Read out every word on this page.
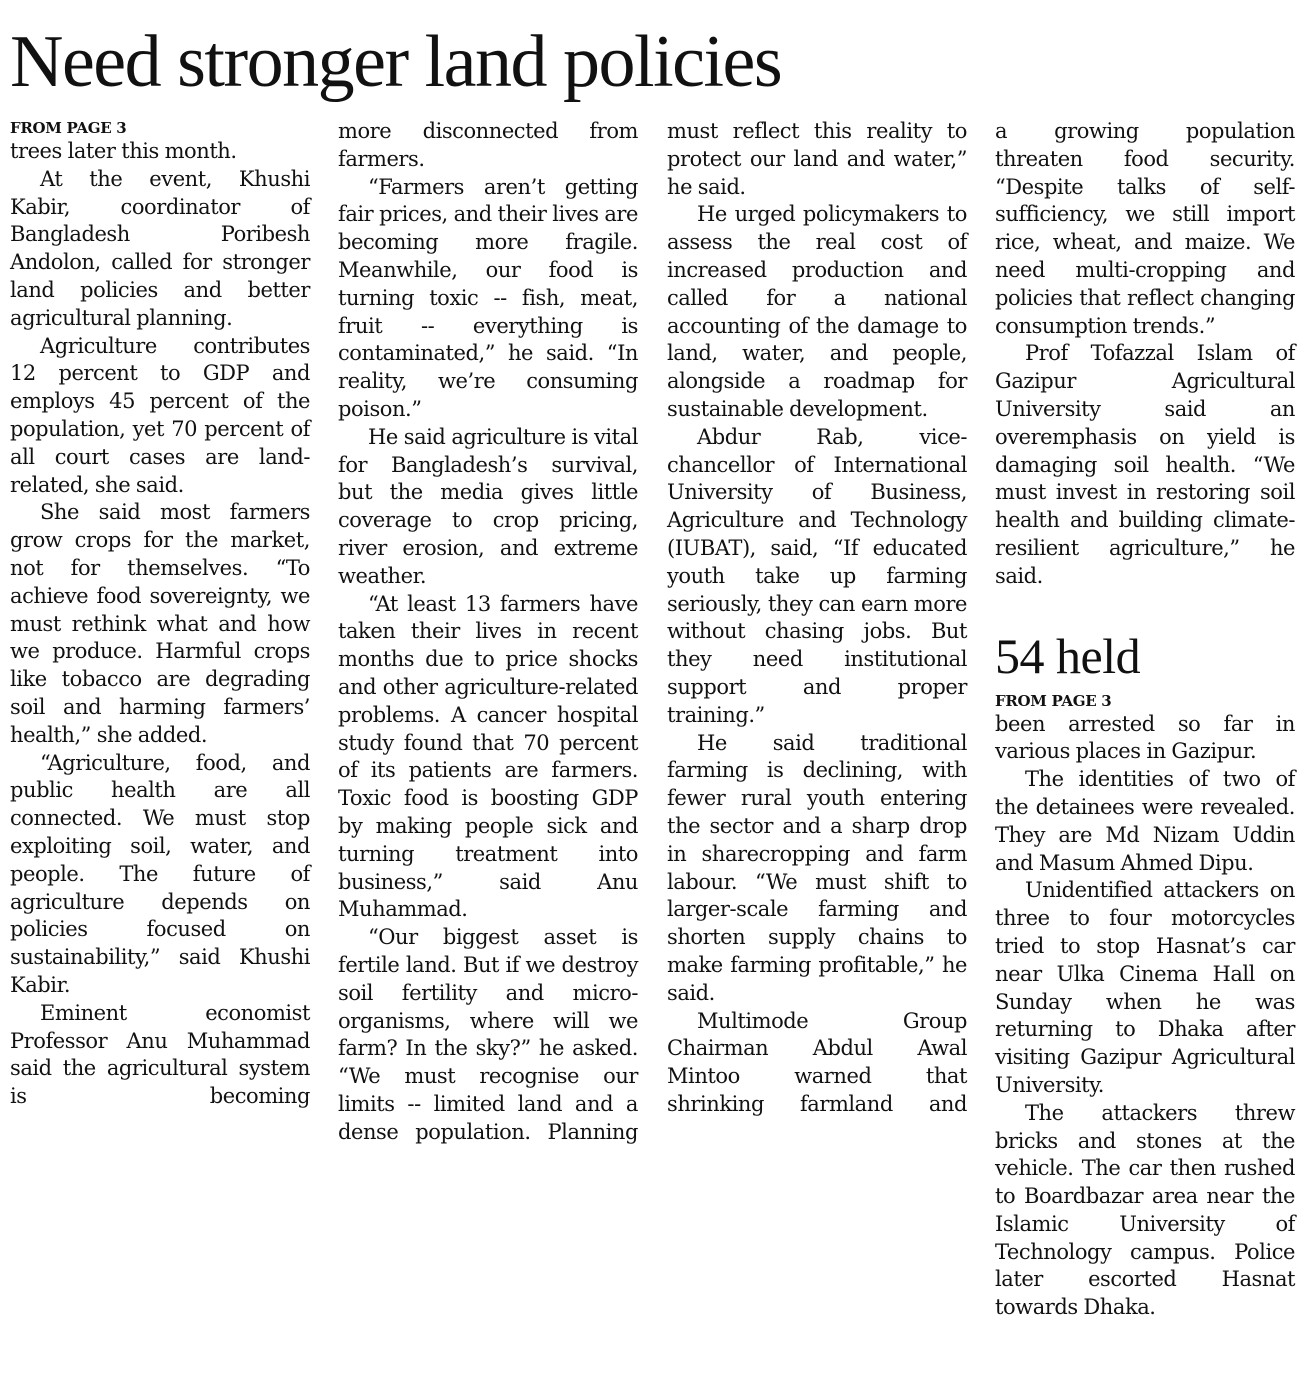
Need stronger land policies
FROM PAGE 3

trees later this month.

At the event, Khushi Kabir, coordinator of Bangladesh Poribesh Andolon, called for stronger land policies and better agricultural planning.

Agriculture contributes 12 percent to GDP and employs 45 percent of the population, yet 70 percent of all court cases are land-related, she said.

She said most farmers grow crops for the market, not for themselves. “To achieve food sovereignty, we must rethink what and how we produce. Harmful crops like tobacco are degrading soil and harming farmers’ health,” she added.

“Agriculture, food, and public health are all connected. We must stop exploiting soil, water, and people. The future of agriculture depends on policies focused on sustainability,” said Khushi Kabir.

Eminent economist Professor Anu Muhammad said the agricultural system is becoming

more disconnected from farmers.

“Farmers aren’t getting fair prices, and their lives are becoming more fragile. Meanwhile, our food is turning toxic -- fish, meat, fruit -- everything is contaminated,” he said. “In reality, we’re consuming poison.”

He said agriculture is vital for Bangladesh’s survival, but the media gives little coverage to crop pricing, river erosion, and extreme weather.

“At least 13 farmers have taken their lives in recent months due to price shocks and other agriculture-related problems. A cancer hospital study found that 70 percent of its patients are farmers. Toxic food is boosting GDP by making people sick and turning treatment into business,” said Anu Muhammad.

“Our biggest asset is fertile land. But if we destroy soil fertility and micro-organisms, where will we farm? In the sky?” he asked. “We must recognise our limits -- limited land and a dense population. Planning

must reflect this reality to protect our land and water,” he said.

He urged policymakers to assess the real cost of increased production and called for a national accounting of the damage to land, water, and people, alongside a roadmap for sustainable development.

Abdur Rab, vice-chancellor of International University of Business, Agriculture and Technology (IUBAT), said, “If educated youth take up farming seriously, they can earn more without chasing jobs. But they need institutional support and proper training.”

He said traditional farming is declining, with fewer rural youth entering the sector and a sharp drop in sharecropping and farm labour. “We must shift to larger-scale farming and shorten supply chains to make farming profitable,” he said.

Multimode Group Chairman Abdul Awal Mintoo warned that shrinking farmland and

a growing population threaten food security. “Despite talks of self-sufficiency, we still import rice, wheat, and maize. We need multi-cropping and policies that reflect changing consumption trends.”

Prof Tofazzal Islam of Gazipur Agricultural University said an overemphasis on yield is damaging soil health. “We must invest in restoring soil health and building climate-resilient agriculture,” he said.

54 held
FROM PAGE 3

been arrested so far in various places in Gazipur.

The identities of two of the detainees were revealed. They are Md Nizam Uddin and Masum Ahmed Dipu.

Unidentified attackers on three to four motorcycles tried to stop Hasnat’s car near Ulka Cinema Hall on Sunday when he was returning to Dhaka after visiting Gazipur Agricultural University.

The attackers threw bricks and stones at the vehicle. The car then rushed to Boardbazar area near the Islamic University of Technology campus. Police later escorted Hasnat towards Dhaka.
